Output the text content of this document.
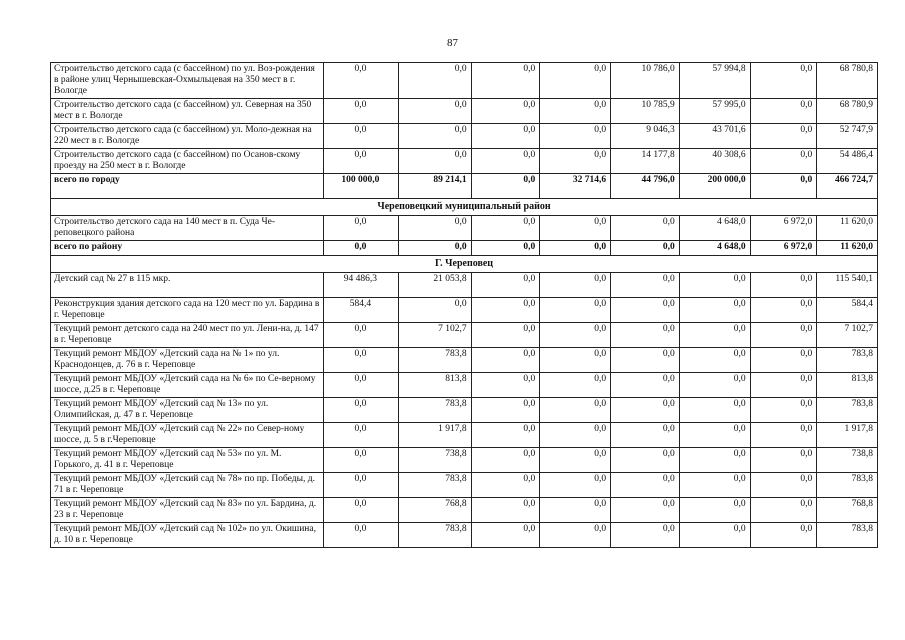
87
Строительство детского сада (с бассейном) по ул. Воз-рождения в районе улиц Чернышевская-Охмыльцевая на 350 мест в г. Вологде	0,0	0,0	0,0	0,0	10 786,0	57 994,8	0,0	68 780,8
Строительство детского сада (с бассейном) ул. Северная на 350 мест в г. Вологде	0,0	0,0	0,0	0,0	10 785,9	57 995,0	0,0	68 780,9
Строительство детского сада (с бассейном) ул. Моло-дежная на 220 мест в г. Вологде	0,0	0,0	0,0	0,0	9 046,3	43 701,6	0,0	52 747,9
Строительство детского сада (с бассейном) по Осанов-скому проезду на 250 мест в г. Вологде	0,0	0,0	0,0	0,0	14 177,8	40 308,6	0,0	54 486,4
всего по городу	100 000,0	89 214,1	0,0	32 714,6	44 796,0	200 000,0	0,0	466 724,7
Череповецкий муниципальный район								
Строительство детского сада на 140 мест в п. Суда Че-реповецкого района	0,0	0,0	0,0	0,0	0,0	4 648,0	6 972,0	11 620,0
всего по району	0,0	0,0	0,0	0,0	0,0	4 648,0	6 972,0	11 620,0
Г. Череповец								
Детский сад № 27 в 115 мкр.	94 486,3	21 053,8	0,0	0,0	0,0	0,0	0,0	115 540,1
Реконструкция здания детского сада на 120 мест по ул. Бардина в г. Череповце	584,4	0,0	0,0	0,0	0,0	0,0	0,0	584,4
Текущий ремонт детского сада на 240 мест по ул. Лени-на, д. 147 в г. Череповце	0,0	7 102,7	0,0	0,0	0,0	0,0	0,0	7 102,7
Текущий ремонт МБДОУ «Детский сада на № 1» по ул. Краснодонцев, д. 76 в г. Череповце	0,0	783,8	0,0	0,0	0,0	0,0	0,0	783,8
Текущий ремонт МБДОУ «Детский сада на № 6» по Се-верному шоссе, д.25 в г. Череповце	0,0	813,8	0,0	0,0	0,0	0,0	0,0	813,8
Текущий ремонт МБДОУ «Детский сад № 13» по ул. Олимпийская, д. 47 в г. Череповце	0,0	783,8	0,0	0,0	0,0	0,0	0,0	783,8
Текущий ремонт МБДОУ «Детский сад № 22» по Север-ному шоссе, д. 5 в г.Череповце	0,0	1 917,8	0,0	0,0	0,0	0,0	0,0	1 917,8
Текущий ремонт МБДОУ «Детский сад № 53» по ул. М. Горького, д. 41 в г. Череповце	0,0	738,8	0,0	0,0	0,0	0,0	0,0	738,8
Текущий ремонт МБДОУ «Детский сад № 78» по пр. Победы, д. 71 в г. Череповце	0,0	783,8	0,0	0,0	0,0	0,0	0,0	783,8
Текущий ремонт МБДОУ «Детский сад № 83» по ул. Бардина, д. 23 в г. Череповце	0,0	768,8	0,0	0,0	0,0	0,0	0,0	768,8
Текущий ремонт МБДОУ «Детский сад № 102» по ул. Окишина, д. 10 в г. Череповце	0,0	783,8	0,0	0,0	0,0	0,0	0,0	783,8
